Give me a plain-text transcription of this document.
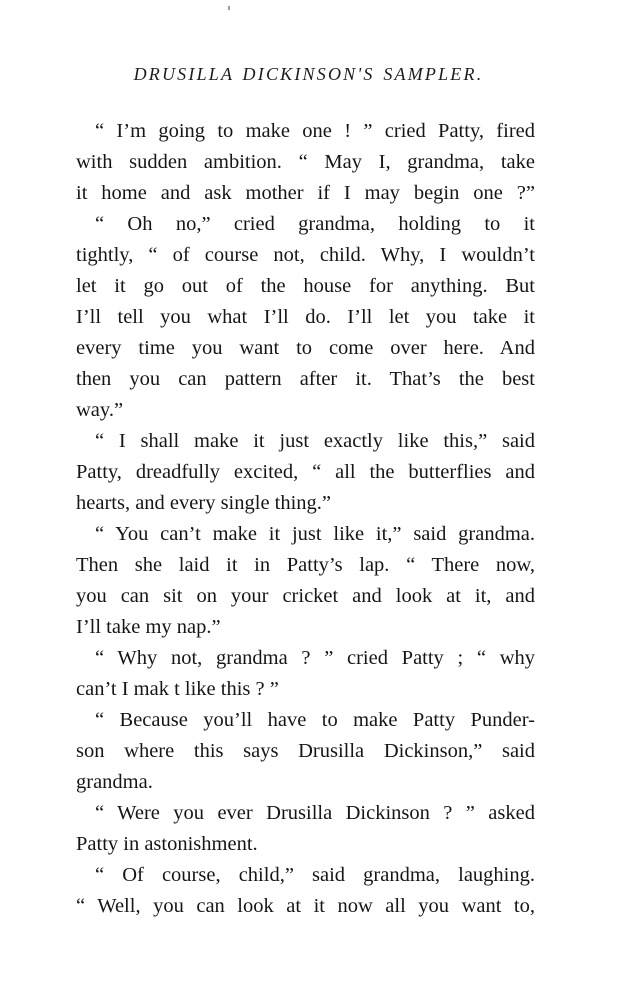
DRUSILLA DICKINSON'S SAMPLER.
“ I’m going to make one ! ” cried Patty, fired
with sudden ambition. “ May I, grandma, take
it home and ask mother if I may begin one ?”
“ Oh no,” cried grandma, holding to it
tightly, “ of course not, child. Why, I wouldn’t
let it go out of the house for anything. But
I’ll tell you what I’ll do. I’ll let you take it
every time you want to come over here. And
then you can pattern after it. That’s the best
way.”
“ I shall make it just exactly like this,” said
Patty, dreadfully excited, “ all the butterflies and
hearts, and every single thing.”
“ You can’t make it just like it,” said grandma.
Then she laid it in Patty’s lap. “ There now,
you can sit on your cricket and look at it, and
I’ll take my nap.”
“ Why not, grandma ? ” cried Patty ; “ why
can’t I mak t like this ? ”
“ Because you’ll have to make Patty Punder-
son where this says Drusilla Dickinson,” said
grandma.
“ Were you ever Drusilla Dickinson ? ” asked
Patty in astonishment.
“ Of course, child,” said grandma, laughing.
“ Well, you can look at it now all you want to,
